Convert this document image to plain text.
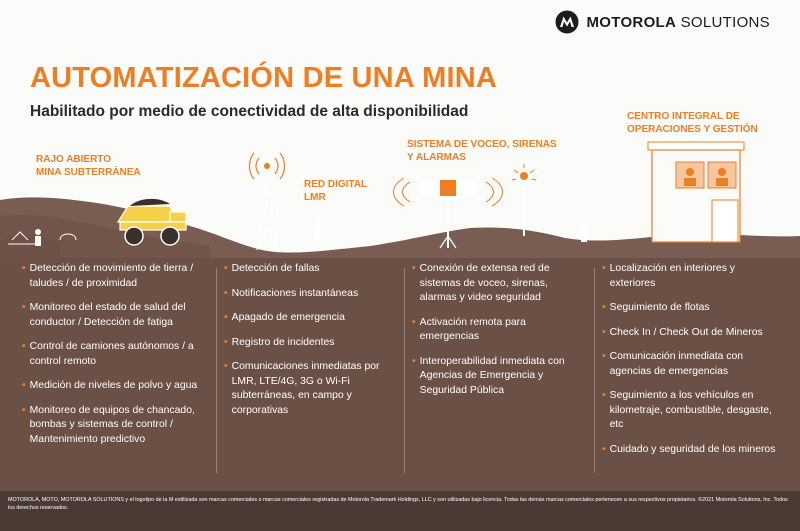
MOTOROLA SOLUTIONS
AUTOMATIZACIÓN DE UNA MINA
Habilitado por medio de conectividad de alta disponibilidad
RAJO ABIERTO
MINA SUBTERRÁNEA
RED DIGITAL
LMR
SISTEMA DE VOCEO, SIRENAS
Y ALARMAS
CENTRO INTEGRAL DE
OPERACIONES Y GESTIÓN
• Detección de movimiento de tierra / taludes / de proximidad
• Monitoreo del estado de salud del conductor / Detección de fatiga
• Control de camiones autónomos / a control remoto
• Medición de niveles de polvo y agua
• Monitoreo de equipos de chancado, bombas y sistemas de control / Mantenimiento predictivo
• Detección de fallas
• Notificaciones instantáneas
• Apagado de emergencia
• Registro de incidentes
• Comunicaciones inmediatas por LMR, LTE/4G, 3G o Wi-Fi subterráneas, en campo y corporativas
• Conexión de extensa red de sistemas de voceo, sirenas, alarmas y video seguridad
• Activación remota para emergencias
• Interoperabilidad inmediata con Agencias de Emergencia y Seguridad Pública
• Localización en interiores y exteriores
• Seguimiento de flotas
• Check In / Check Out de Mineros
• Comunicación inmediata con agencias de emergencias
• Seguimiento a los vehículos en kilometraje, combustible, desgaste, etc
• Cuidado y seguridad de los mineros
MOTOROLA, MOTO, MOTOROLA SOLUTIONS y el logotipo de la M estilizada son marcas comerciales o marcas comerciales registradas de Motorola Trademark Holdings, LLC y son utilizadas bajo licencia. Todas las demás marcas comerciales pertenecen a sus respectivos propietarios. ©2021 Motorola Solutions, Inc. Todos los derechos reservados.
